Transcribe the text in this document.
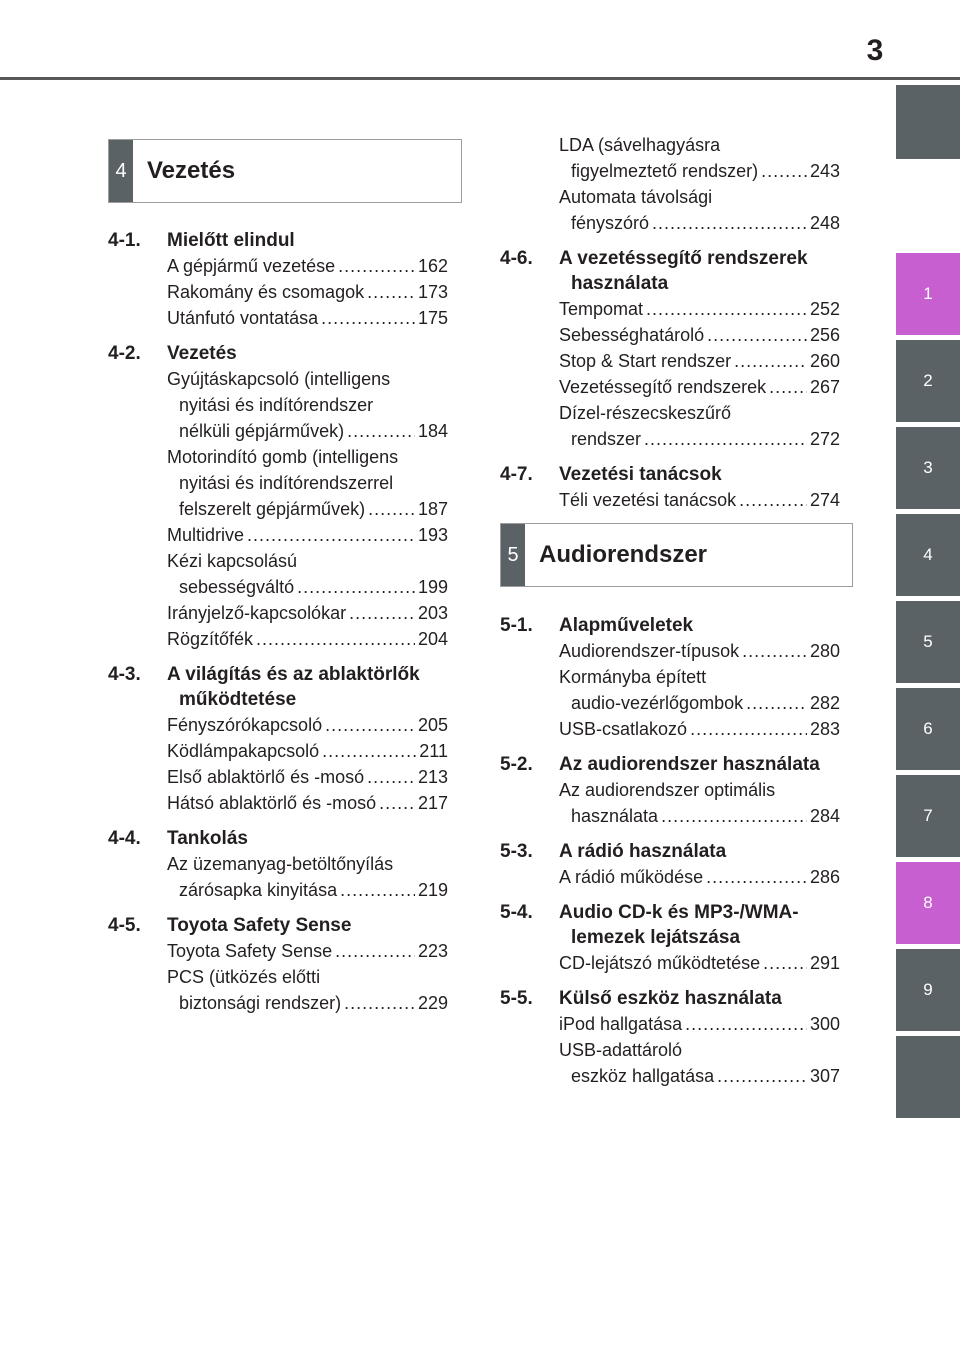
3
1
2
3
4
5
6
7
8
9
4 Vezetés
4-1. Mielőtt elindul
A gépjármű vezetése .....	162
Rakomány és csomagok .....	173
Utánfutó vontatása .....	175
4-2. Vezetés
Gyújtáskapcsoló (intelligens
nyitási és indítórendszer
nélküli gépjárművek) .....	184
Motorindító gomb (intelligens
nyitási és indítórendszerrel
felszerelt gépjárművek) .....	187
Multidrive .....	193
Kézi kapcsolású
sebességváltó .....	199
Irányjelző-kapcsolókar .....	203
Rögzítőfék .....	204
4-3. A világítás és az ablaktörlők
működtetése
Fényszórókapcsoló .....	205
Ködlámpakapcsoló .....	211
Első ablaktörlő és -mosó .....	213
Hátsó ablaktörlő és -mosó ..... 217
4-4. Tankolás
Az üzemanyag-betöltőnyílás
zárósapka kinyitása .....	219
4-5. Toyota Safety Sense
Toyota Safety Sense .....	223
PCS (ütközés előtti
biztonsági rendszer) .....	229
LDA (sávelhagyásra
figyelmeztető rendszer) .....	243
Automata távolsági
fényszóró .....	248
4-6. A vezetéssegítő rendszerek
használata
Tempomat .....	252
Sebességhatároló .....	256
Stop & Start rendszer .....	260
Vezetéssegítő rendszerek ..... 267
Dízel-részecskeszűrő
rendszer .....	272
4-7. Vezetési tanácsok
Téli vezetési tanácsok .....	274
5 Audiorendszer
5-1. Alapműveletek
Audiorendszer-típusok .....	280
Kormányba épített
audio-vezérlőgombok .....	282
USB-csatlakozó .....	283
5-2. Az audiorendszer használata
Az audiorendszer optimális
használata .....	284
5-3. A rádió használata
A rádió működése .....	286
5-4. Audio CD-k és MP3-/WMA-
lemezek lejátszása
CD-lejátszó működtetése .....	291
5-5. Külső eszköz használata
iPod hallgatása .....	300
USB-adattároló
eszköz hallgatása .....	307
